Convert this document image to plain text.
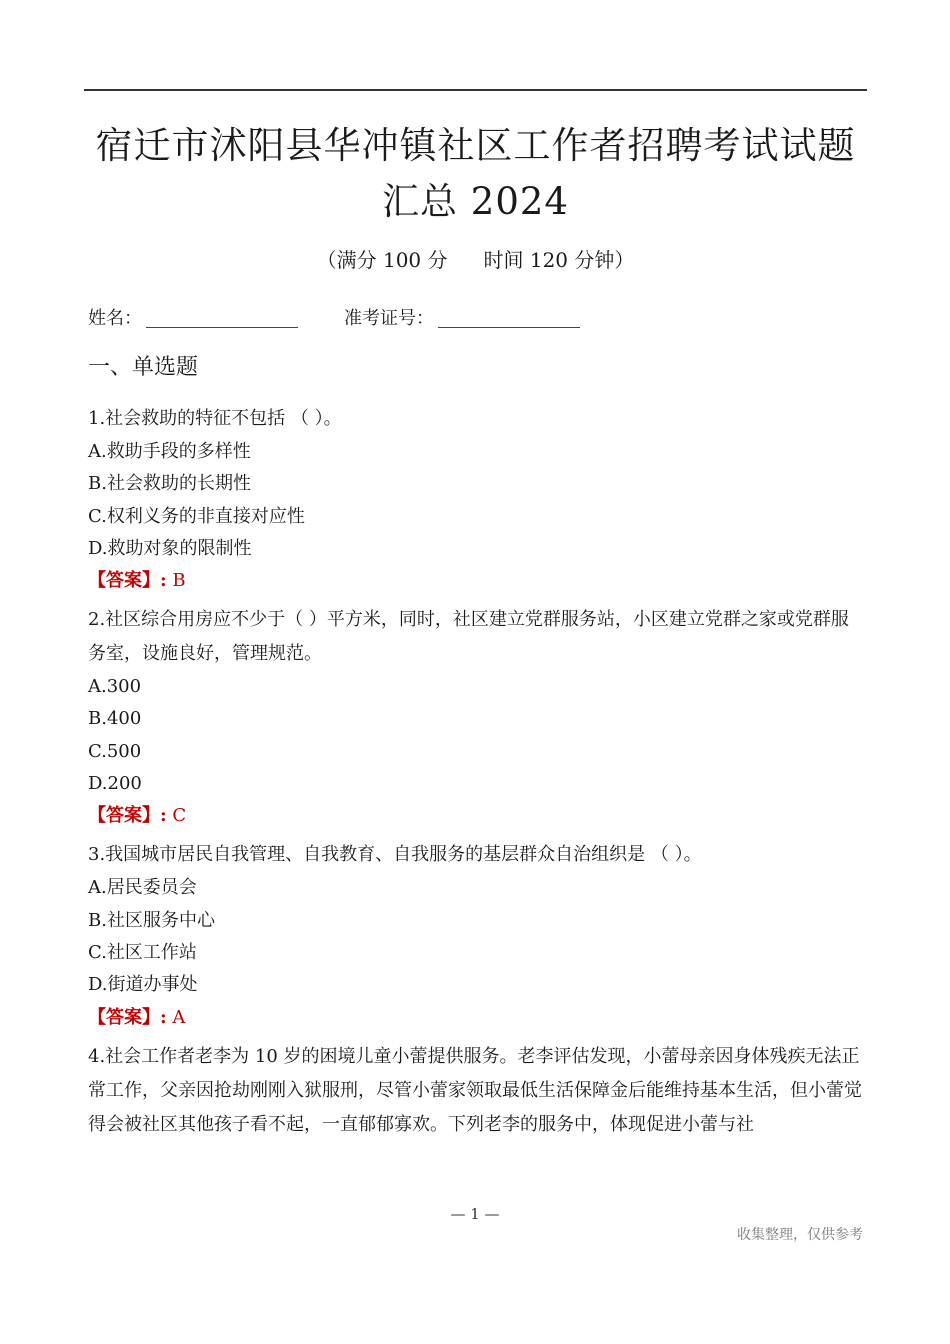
宿迁市沭阳县华冲镇社区工作者招聘考试试题
汇总 2024
（满分 100 分 时间 120 分钟）
姓名：	准考证号：
一、单选题

1.社会救助的特征不包括 （ ）。

A.救助手段的多样性

B.社会救助的长期性

C.权利义务的非直接对应性

D.救助对象的限制性

【答案】: B

2.社区综合用房应不少于（ ）平方米，同时，社区建立党群服务站，小区建立党群之家或党群服务室，设施良好，管理规范。

A.300

B.400

C.500

D.200

【答案】: C

3.我国城市居民自我管理、自我教育、自我服务的基层群众自治组织是 （ ）。

A.居民委员会

B.社区服务中心

C.社区工作站

D.街道办事处

【答案】: A

4.社会工作者老李为 10 岁的困境儿童小蕾提供服务。老李评估发现，小蕾母亲因身体残疾无法正常工作，父亲因抢劫刚刚入狱服刑，尽管小蕾家领取最低生活保障金后能维持基本生活，但小蕾觉得会被社区其他孩子看不起，一直郁郁寡欢。下列老李的服务中，体现促进小蕾与社

— 1 —
收集整理，仅供参考
